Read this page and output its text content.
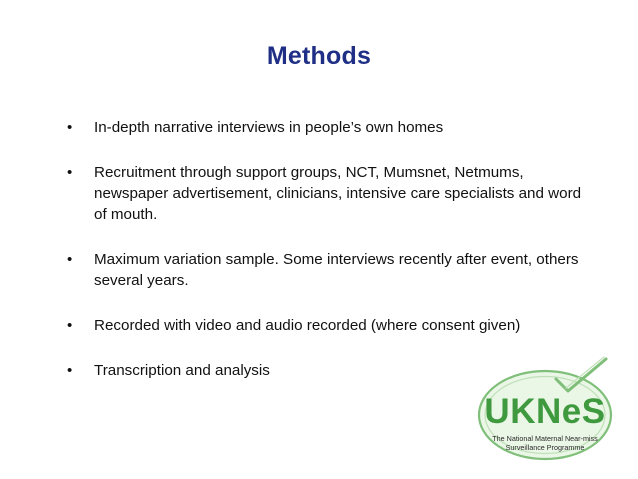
Methods
• In-depth narrative interviews in people’s own homes
• Recruitment through support groups, NCT, Mumsnet, Netmums, newspaper advertisement, clinicians, intensive care specialists and word of mouth.
• Maximum variation sample. Some interviews recently after event, others several years.
• Recorded with video and audio recorded (where consent given)
• Transcription and analysis
UKNeS
The National Maternal Near-miss
Surveillance Programme
